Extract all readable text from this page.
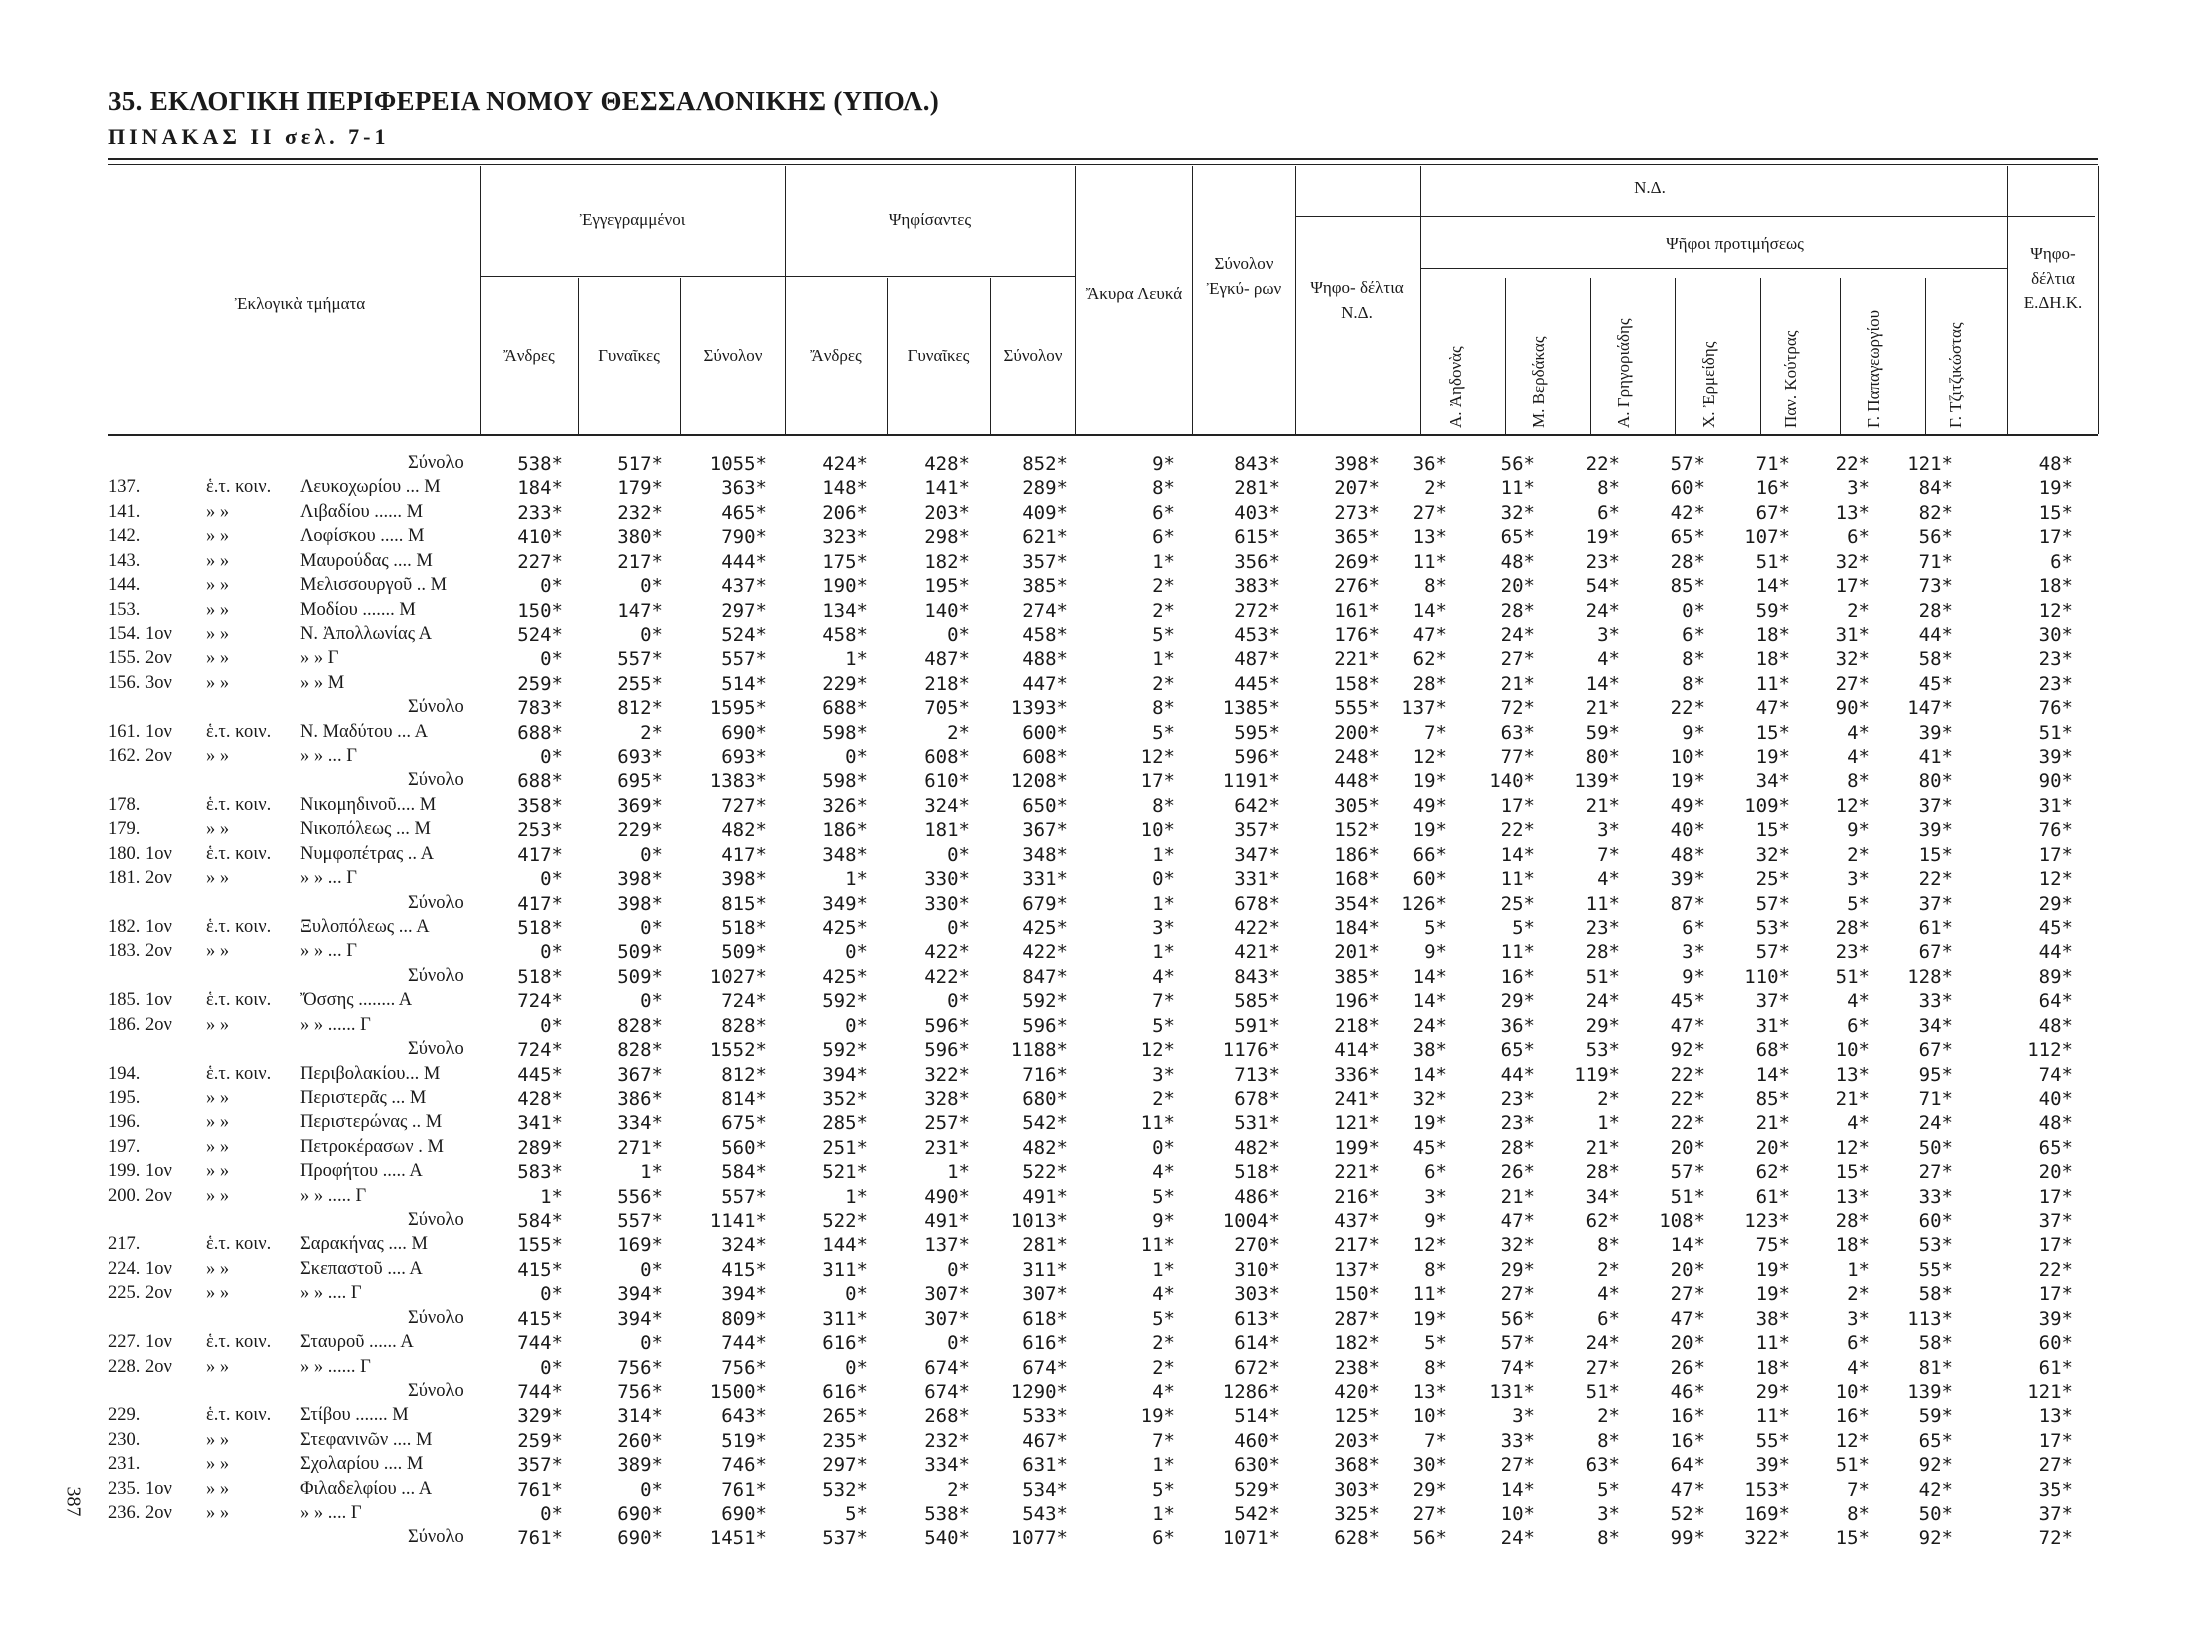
35. ΕΚΛΟΓΙΚΗ ΠΕΡΙΦΕΡΕΙΑ ΝΟΜΟΥ ΘΕΣΣΑΛΟΝΙΚΗΣ (ΥΠΟΛ.)
ΠΙΝΑΚΑΣ ΙΙ σελ. 7-1
387
Ἐκλογικὰ τμήματα
Ἐγγεγραμμένοι	Ψηφίσαντες
Ἄνδρες	Γυναῖκες	Σύνολον	Ἄνδρες	Γυναῖκες	Σύνολον
Ἄκυρα Λευκά
Σύνολον Ἐγκύ- ρων
Ν.Δ.
Ψηφο- δέλτια Ν.Δ.
Ψῆφοι προτιμήσεως
Ψηφο- δέλτια Ε.ΔΗ.Κ.
Α. Ἀηδονὰς	Μ. Βερδάκας	Α. Γρηγοριάδης	Χ. Ἐρμείδης	Παν. Κούτρας	Γ. Παπαγεωργίου	Γ. Τζιτζικώστας
Σύνολο	538*	517* 1055*	424*	428*	852*	9*	843*	398* 36*	56*	22*	57*	71* 22* 121*	48*
137.	ἑ.τ. κοιν. Λευκοχωρίου ... Μ	184*	179*	363*	148*	141*	289*	8*	281*	207* 2*	11*	8*	60*	16*	3*	84*	19*
141.	» »	Λιβαδίου ...... Μ	233*	232*	465*	206*	203*	409*	6*	403*	273* 27*	32*	6*	42*	67* 13*	82*	15*
142.	» »	Λοφίσκου ..... Μ	410*	380*	790*	323*	298*	621*	6*	615*	365* 13*	65*	19*	65* 107*	6*	56*	17*
143.	» »	Μαυρούδας .... Μ	227*	217*	444*	175*	182*	357*	1*	356*	269* 11*	48*	23*	28*	51* 32*	71*	6*
144.	» »	Μελισσουργοῦ .. Μ	0*	0*	437*	190*	195*	385*	2*	383*	276* 8*	20*	54*	85*	14* 17*	73*	18*
153.	» »	Μοδίου ....... Μ	150*	147*	297*	134*	140*	274*	2*	272*	161* 14*	28*	24*	0*	59*	2*	28*	12*
154. 1ον » »	Ν. Ἀπολλωνίας Α	524*	0*	524*	458*	0*	458*	5*	453*	176* 47*	24*	3*	6*	18* 31*	44*	30*
155. 2ον » »	» » Γ	0*	557*	557*	1*	487*	488*	1*	487*	221* 62*	27*	4*	8*	18* 32*	58*	23*
156. 3ον » »	» » Μ	259*	255*	514*	229*	218*	447*	2*	445*	158* 28*	21*	14*	8*	11* 27*	45*	23*
Σύνολο	783*	812* 1595*	688*	705* 1393*	8*	1385*	555* 137*	72*	21*	22*	47* 90* 147*	76*
161. 1ον ἑ.τ. κοιν. Ν. Μαδύτου ... Α	688*	2*	690*	598*	2*	600*	5*	595*	200* 7*	63*	59*	9*	15*	4*	39*	51*
162. 2ον » »	» » ... Γ	0*	693*	693*	0*	608*	608*	12*	596*	248* 12*	77*	80*	10*	19*	4*	41*	39*
Σύνολο	688*	695* 1383*	598*	610* 1208*	17*	1191*	448* 19* 140* 139*	19*	34*	8*	80*	90*
178.	ἑ.τ. κοιν. Νικομηδινοῦ.... Μ	358*	369*	727*	326*	324*	650*	8*	642*	305* 49*	17*	21*	49* 109* 12*	37*	31*
179.	» »	Νικοπόλεως ... Μ	253*	229*	482*	186*	181*	367*	10*	357*	152* 19*	22*	3*	40*	15*	9*	39*	76*
180. 1ον ἑ.τ. κοιν. Νυμφοπέτρας .. Α	417*	0*	417*	348*	0*	348*	1*	347*	186* 66*	14*	7*	48*	32*	2*	15*	17*
181. 2ον » »	» » ... Γ	0*	398*	398*	1*	330*	331*	0*	331*	168* 60*	11*	4*	39*	25*	3*	22*	12*
Σύνολο	417*	398*	815*	349*	330*	679*	1*	678*	354* 126*	25*	11*	87*	57*	5*	37*	29*
182. 1ον ἑ.τ. κοιν. Ξυλοπόλεως ... Α	518*	0*	518*	425*	0*	425*	3*	422*	184* 5*	5*	23*	6*	53* 28*	61*	45*
183. 2ον » »	» » ... Γ	0*	509*	509*	0*	422*	422*	1*	421*	201* 9*	11*	28*	3*	57* 23*	67*	44*
Σύνολο	518*	509* 1027*	425*	422*	847*	4*	843*	385* 14*	16*	51*	9* 110* 51* 128*	89*
185. 1ον ἑ.τ. κοιν. Ὄσσης ........ Α	724*	0*	724*	592*	0*	592*	7*	585*	196* 14*	29*	24*	45*	37*	4*	33*	64*
186. 2ον » »	» » ...... Γ	0*	828*	828*	0*	596*	596*	5*	591*	218* 24*	36*	29*	47*	31*	6*	34*	48*
Σύνολο	724*	828* 1552*	592*	596* 1188*	12*	1176*	414* 38*	65*	53*	92*	68* 10*	67*	112*
194.	ἑ.τ. κοιν. Περιβολακίου... Μ	445*	367*	812*	394*	322*	716*	3*	713*	336* 14*	44* 119*	22*	14* 13*	95*	74*
195.	» »	Περιστερᾶς ... Μ	428*	386*	814*	352*	328*	680*	2*	678*	241* 32*	23*	2*	22*	85* 21*	71*	40*
196.	» »	Περιστερώνας .. Μ	341*	334*	675*	285*	257*	542*	11*	531*	121* 19*	23*	1*	22*	21*	4*	24*	48*
197.	» »	Πετροκέρασων . Μ	289*	271*	560*	251*	231*	482*	0*	482*	199* 45*	28*	21*	20*	20* 12*	50*	65*
199. 1ον » »	Προφήτου ..... Α	583*	1*	584*	521*	1*	522*	4*	518*	221* 6*	26*	28*	57*	62* 15*	27*	20*
200. 2ον » »	» » ..... Γ	1*	556*	557*	1*	490*	491*	5*	486*	216* 3*	21*	34*	51*	61* 13*	33*	17*
Σύνολο	584*	557* 1141*	522*	491* 1013*	9*	1004*	437* 9*	47*	62* 108* 123* 28*	60*	37*
217.	ἑ.τ. κοιν. Σαρακήνας .... Μ	155*	169*	324*	144*	137*	281*	11*	270*	217* 12*	32*	8*	14*	75* 18*	53*	17*
224. 1ον » »	Σκεπαστοῦ .... Α	415*	0*	415*	311*	0*	311*	1*	310*	137* 8*	29*	2*	20*	19*	1*	55*	22*
225. 2ον » »	» » .... Γ	0*	394*	394*	0*	307*	307*	4*	303*	150* 11*	27*	4*	27*	19*	2*	58*	17*
Σύνολο	415*	394*	809*	311*	307*	618*	5*	613*	287* 19*	56*	6*	47*	38*	3* 113*	39*
227. 1ον ἑ.τ. κοιν. Σταυροῦ ...... Α	744*	0*	744*	616*	0*	616*	2*	614*	182* 5*	57*	24*	20*	11*	6*	58*	60*
228. 2ον » »	» » ...... Γ	0*	756*	756*	0*	674*	674*	2*	672*	238* 8*	74*	27*	26*	18*	4*	81*	61*
Σύνολο	744*	756* 1500*	616*	674* 1290*	4*	1286*	420* 13* 131*	51*	46*	29* 10* 139*	121*
229.	ἑ.τ. κοιν. Στίβου ....... Μ	329*	314*	643*	265*	268*	533*	19*	514*	125* 10*	3*	2*	16*	11* 16*	59*	13*
230.	» »	Στεφανινῶν .... Μ	259*	260*	519*	235*	232*	467*	7*	460*	203* 7*	33*	8*	16*	55* 12*	65*	17*
231.	» »	Σχολαρίου .... Μ	357*	389*	746*	297*	334*	631*	1*	630*	368* 30*	27*	63*	64*	39* 51*	92*	27*
235. 1ον » »	Φιλαδελφίου ... Α	761*	0*	761*	532*	2*	534*	5*	529*	303* 29*	14*	5*	47* 153*	7*	42*	35*
236. 2ον » »	» » .... Γ	0*	690*	690*	5*	538*	543*	1*	542*	325* 27*	10*	3*	52* 169*	8*	50*	37*
Σύνολο	761*	690* 1451*	537*	540* 1077*	6*	1071*	628* 56*	24*	8*	99* 322* 15*	92*	72*
